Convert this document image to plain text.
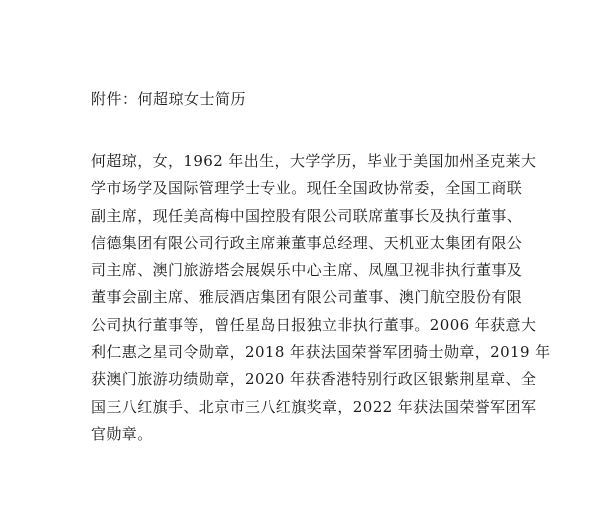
附件：何超琼女士简历
何超琼，女，1962 年出生，大学学历，毕业于美国加州圣克莱大
学市场学及国际管理学士专业。现任全国政协常委，全国工商联
副主席，现任美高梅中国控股有限公司联席董事长及执行董事、
信德集团有限公司行政主席兼董事总经理、天机亚太集团有限公
司主席、澳门旅游塔会展娱乐中心主席、凤凰卫视非执行董事及
董事会副主席、雅辰酒店集团有限公司董事、澳门航空股份有限
公司执行董事等，曾任星岛日报独立非执行董事。2006 年获意大
利仁惠之星司令勋章，2018 年获法国荣誉军团骑士勋章，2019 年
获澳门旅游功绩勋章，2020 年获香港特别行政区银紫荆星章、全
国三八红旗手、北京市三八红旗奖章，2022 年获法国荣誉军团军
官勋章。
